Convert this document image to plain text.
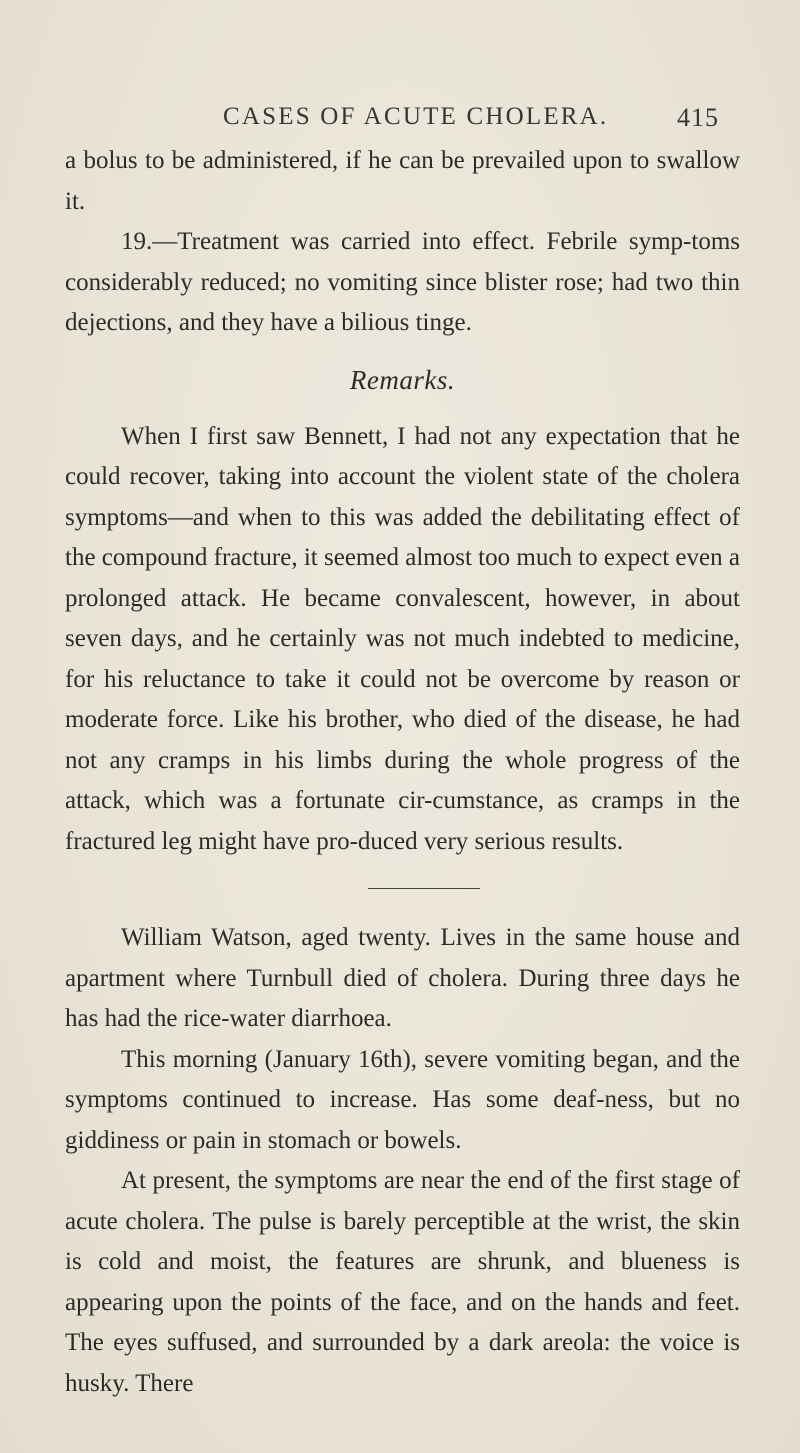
CASES OF ACUTE CHOLERA.	415

a bolus to be administered, if he can be prevailed upon to swallow it.

19.—Treatment was carried into effect. Febrile symp-toms considerably reduced; no vomiting since blister rose; had two thin dejections, and they have a bilious tinge.

Remarks.

When I first saw Bennett, I had not any expectation that he could recover, taking into account the violent state of the cholera symptoms—and when to this was added the debilitating effect of the compound fracture, it seemed almost too much to expect even a prolonged attack. He became convalescent, however, in about seven days, and he certainly was not much indebted to medicine, for his reluctance to take it could not be overcome by reason or moderate force. Like his brother, who died of the disease, he had not any cramps in his limbs during the whole progress of the attack, which was a fortunate cir-cumstance, as cramps in the fractured leg might have pro-duced very serious results.

William Watson, aged twenty. Lives in the same house and apartment where Turnbull died of cholera. During three days he has had the rice-water diarrhoea.

This morning (January 16th), severe vomiting began, and the symptoms continued to increase. Has some deaf-ness, but no giddiness or pain in stomach or bowels.

At present, the symptoms are near the end of the first stage of acute cholera. The pulse is barely perceptible at the wrist, the skin is cold and moist, the features are shrunk, and blueness is appearing upon the points of the face, and on the hands and feet. The eyes suffused, and surrounded by a dark areola: the voice is husky. There
